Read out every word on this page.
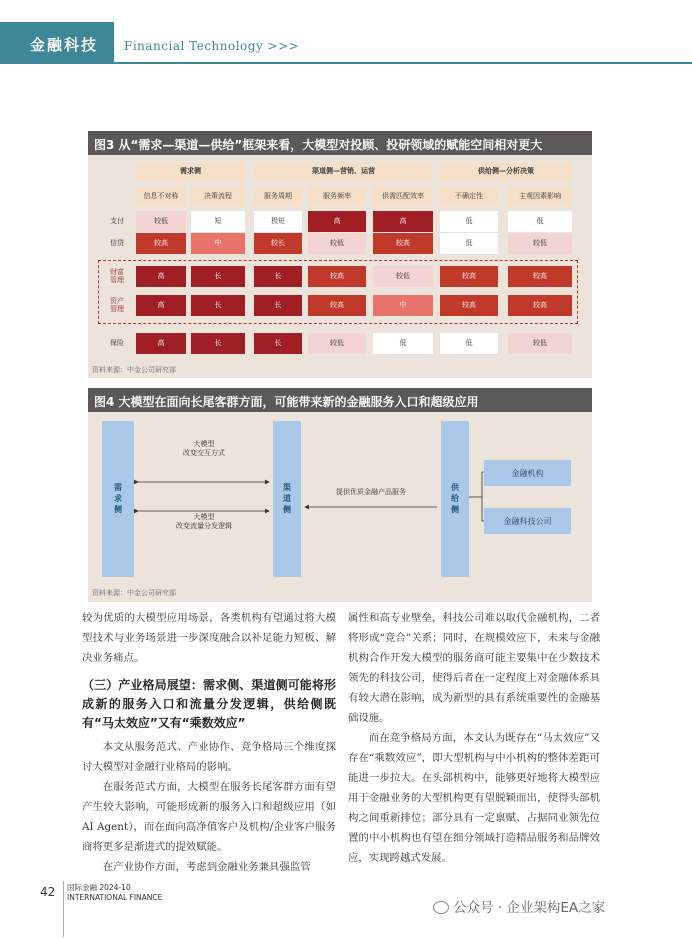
金融科技 Financial Technology >>>
图3 从“需求—渠道—供给”框架来看，大模型对投顾、投研领域的赋能空间相对更大
需求侧	渠道侧—营销、运营	供给侧—分析决策
信息不对称	决策流程	服务周期	服务频率	供需匹配效率	不确定性	主观因素影响
支付	较低	短	极短	高	高	低	低
信贷	较高	中	较长	较低	较高	低	较低
财富
管理	高	长	长	较高	较低	较高	较高
资产
管理	高	长	长	较高	中	较高	较高
保险	高	长	长	较低	低	低	较低
资料来源：中金公司研究部
图4 大模型在面向长尾客群方面，可能带来新的金融服务入口和超级应用
需求侧	渠道侧	供给侧
大模型
改变交互方式
大模型
改变流量分发逻辑
提供优质金融产品服务
金融机构
金融科技公司
资料来源：中金公司研究部

较为优质的大模型应用场景，各类机构有望通过将大模型技术与业务场景进一步深度融合以补足能力短板、解决业务痛点。

（三）产业格局展望：需求侧、渠道侧可能将形成新的服务入口和流量分发逻辑，供给侧既有“马太效应”又有“乘数效应”

本文从服务范式、产业协作、竞争格局三个维度探讨大模型对金融行业格局的影响。

在服务范式方面，大模型在服务长尾客群方面有望产生较大影响，可能形成新的服务入口和超级应用（如AI Agent），而在面向高净值客户及机构/企业客户服务商将更多是渐进式的提效赋能。

在产业协作方面，考虑到金融业务兼具强监管

属性和高专业壁垒，科技公司难以取代金融机构，二者将形成“竞合”关系；同时，在规模效应下，未来与金融机构合作开发大模型的服务商可能主要集中在少数技术领先的科技公司，使得后者在一定程度上对金融体系具有较大潜在影响，成为新型的具有系统重要性的金融基础设施。

而在竞争格局方面，本文认为既存在“马太效应”又存在“乘数效应”，即大型机构与中小机构的整体差距可能进一步拉大。在头部机构中，能够更好地将大模型应用于金融业务的大型机构更有望脱颖而出，使得头部机构之间重新排位；部分具有一定禀赋、占据同业领先位置的中小机构也有望在细分领域打造精品服务和品牌效应，实现跨越式发展。

42 国际金融 2024-10
INTERNATIONAL FINANCE
公众号 · 企业架构EA之家
